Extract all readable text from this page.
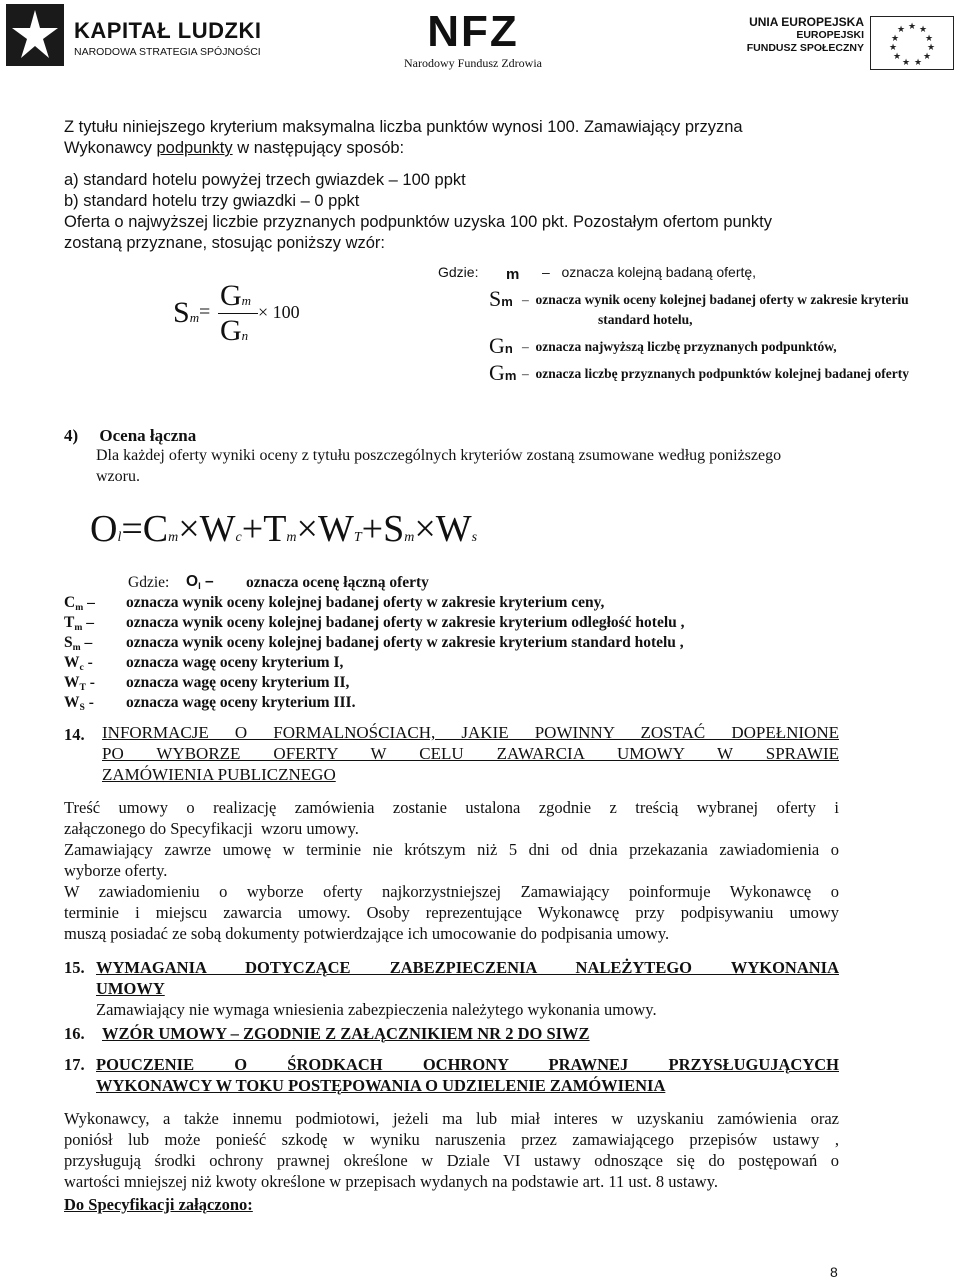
KAPITAŁ LUDZKI
NARODOWA STRATEGIA SPÓJNOŚCI	NFZ
Narodowy Fundusz Zdrowia
UNIA EUROPEJSKA
EUROPEJSKI
FUNDUSZ SPOŁECZNY
★ ★
★
★
★
★
★
★
★
★
★
Z tytułu niniejszego kryterium maksymalna liczba punktów wynosi 100. Zamawiający przyzna
Wykonawcy podpunkty w następujący sposób:
a) standard hotelu powyżej trzech gwiazdek – 100 ppkt
b) standard hotelu trzy gwiazdki – 0 ppkt
Oferta o najwyższej liczbie przyznanych podpunktów uzyska 100 pkt. Pozostałym ofertom punkty
zostaną przyznane, stosując poniższy wzór:
Sm = Gm
Gn
× 100
Gdzie: m –   oznacza kolejną badaną ofertę,
Sm –  oznacza wynik oceny kolejnej badanej oferty w zakresie kryteriu
standard hotelu,
Gn –  oznacza najwyższą liczbę przyznanych podpunktów,
Gm –  oznacza liczbę przyznanych podpunktów kolejnej badanej oferty
4)     Ocena łączna
Dla każdej oferty wyniki oceny z tytułu poszczególnych kryteriów zostaną zsumowane według poniższego
wzoru.
Ol=Cm×Wc+Tm×WT+Sm×Ws
Gdzie: $O_l$ – oznacza ocenę łączną oferty
$C_m$ – oznacza wynik oceny kolejnej badanej oferty w zakresie kryterium ceny,
$T_m$ – oznacza wynik oceny kolejnej badanej oferty w zakresie kryterium odległość hotelu ,
$S_m$ – oznacza wynik oceny kolejnej badanej oferty w zakresie kryterium standard hotelu ,
$W_c$ - oznacza wagę oceny kryterium I,
$W_T$ - oznacza wagę oceny kryterium II,
$W_S$ - oznacza wagę oceny kryterium III.
14. INFORMACJE O FORMALNOŚCIACH, JAKIE POWINNY ZOSTAĆ DOPEŁNIONE
PO WYBORZE OFERTY W CELU ZAWARCIA UMOWY W SPRAWIE
ZAMÓWIENIA PUBLICZNEGO
Treść umowy o realizację zamówienia zostanie ustalona zgodnie z treścią wybranej oferty i
załączonego do Specyfikacji  wzoru umowy.
Zamawiający zawrze umowę w terminie nie krótszym niż 5 dni od dnia przekazania zawiadomienia o
wyborze oferty.
W zawiadomieniu o wyborze oferty najkorzystniejszej Zamawiający poinformuje Wykonawcę o
terminie i miejscu zawarcia umowy. Osoby reprezentujące Wykonawcę przy podpisywaniu umowy
muszą posiadać ze sobą dokumenty potwierdzające ich umocowanie do podpisania umowy.
15. WYMAGANIA DOTYCZĄCE ZABEZPIECZENIA NALEŻYTEGO WYKONANIA
UMOWY
Zamawiający nie wymaga wniesienia zabezpieczenia należytego wykonania umowy.
16. WZÓR UMOWY – ZGODNIE Z ZAŁĄCZNIKIEM NR 2 DO SIWZ
17. POUCZENIE O ŚRODKACH OCHRONY PRAWNEJ PRZYSŁUGUJĄCYCH
WYKONAWCY W TOKU POSTĘPOWANIA O UDZIELENIE ZAMÓWIENIA
Wykonawcy, a także innemu podmiotowi, jeżeli ma lub miał interes w uzyskaniu zamówienia oraz
poniósł lub może ponieść szkodę w wyniku naruszenia przez zamawiającego przepisów ustawy ,
przysługują środki ochrony prawnej określone w Dziale VI ustawy odnoszące się do postępowań o
wartości mniejszej niż kwoty określone w przepisach wydanych na podstawie art. 11 ust. 8 ustawy.
Do Specyfikacji załączono:
8
